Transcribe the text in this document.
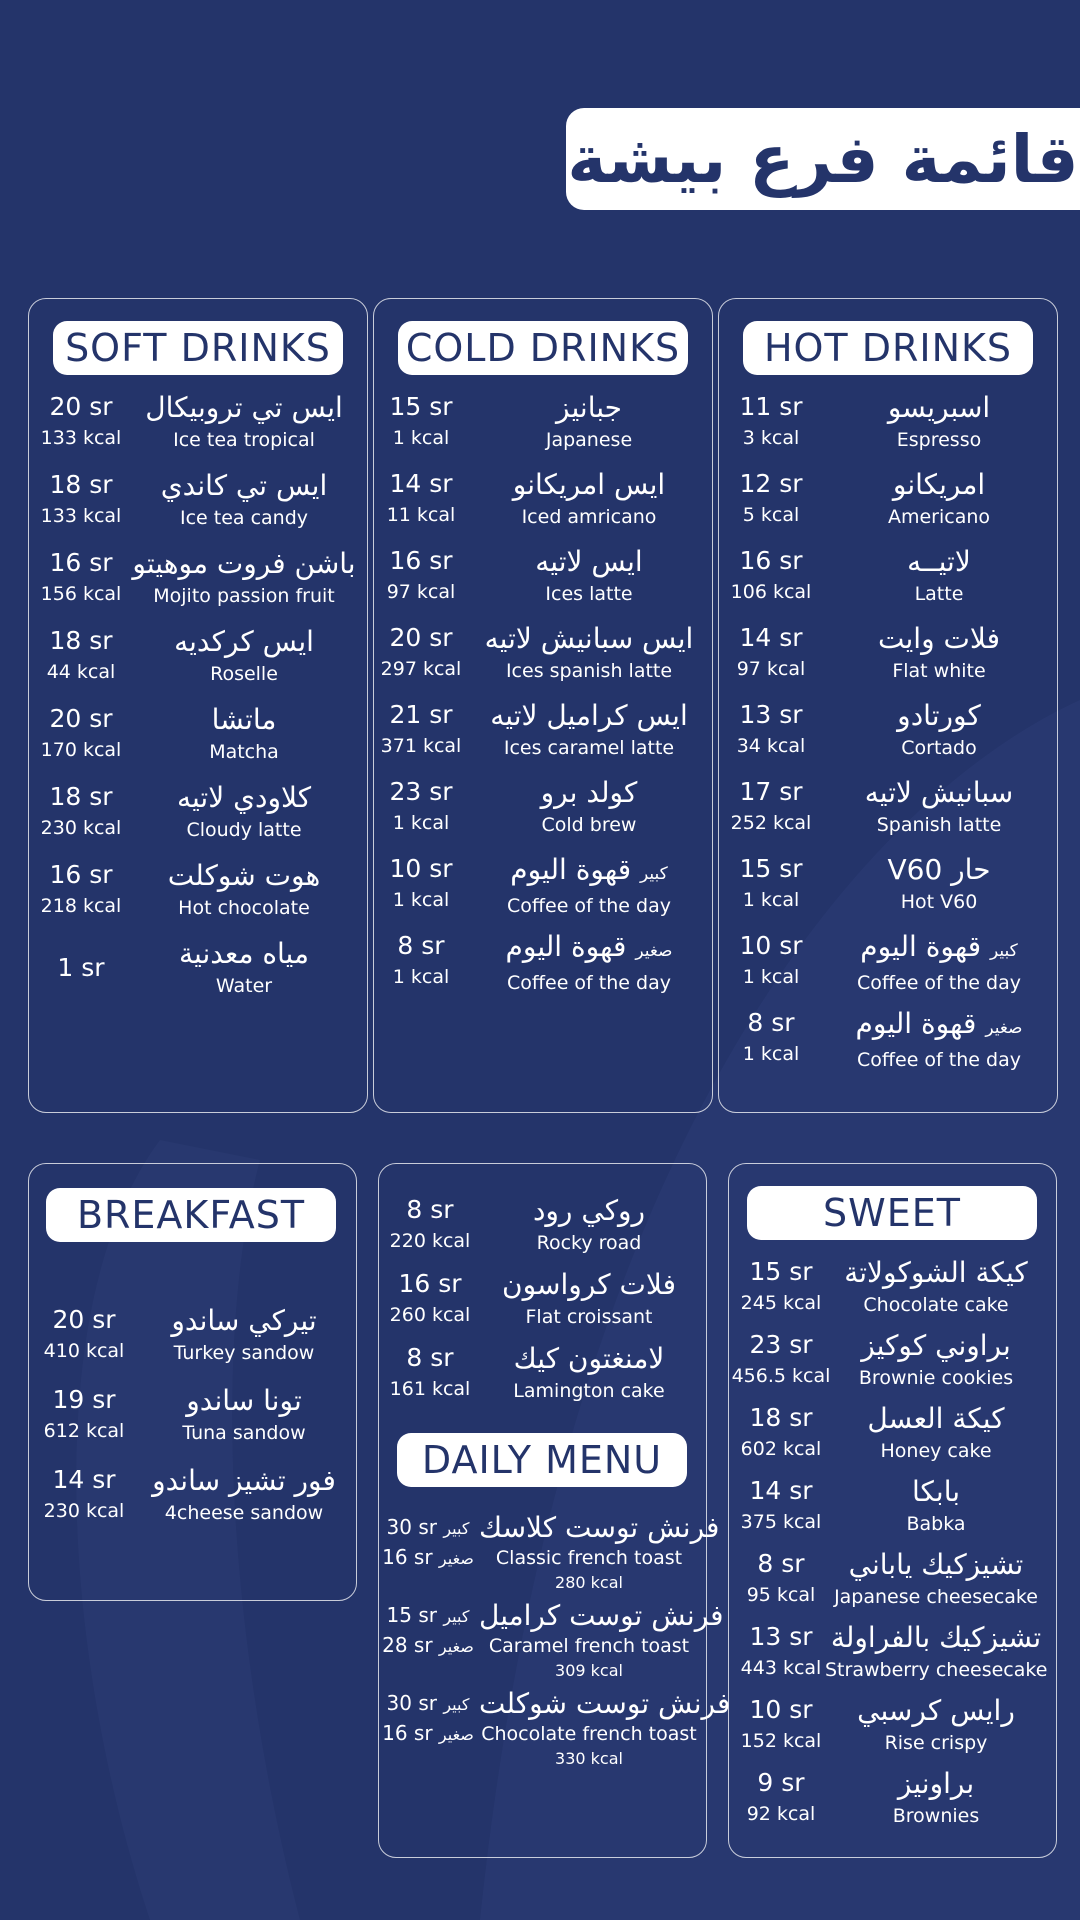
قائمة فرع بيشة
SOFT DRINKS
20 sr
133 kcal
ايس تي تروبيكال
Ice tea tropical
18 sr
133 kcal
ايس تي كاندي
Ice tea candy
16 sr
156 kcal
باشن فروت موهيتو
Mojito passion fruit
18 sr
44 kcal
ايس كركديه
Roselle
20 sr
170 kcal
ماتشا
Matcha
18 sr
230 kcal
كلاودي لاتيه
Cloudy latte
16 sr
218 kcal
هوت شوكلت
Hot chocolate
1 sr	مياه معدنية
Water
COLD DRINKS
15 sr
1 kcal
جبانيز
Japanese
14 sr
11 kcal
ايس امريكانو
Iced amricano
16 sr
97 kcal
ايس لاتيه
Ices latte
20 sr
297 kcal
ايس سبانيش لاتيه
Ices spanish latte
21 sr
371 kcal
ايس كراميل لاتيه
Ices caramel latte
23 sr
1 kcal
كولد برو
Cold brew
10 sr
1 kcal
كبير قهوة اليوم
Coffee of the day
8 sr
1 kcal
صغير قهوة اليوم
Coffee of the day
HOT DRINKS
11 sr
3 kcal
اسبريسو
Espresso
12 sr
5 kcal
امريكانو
Americano
16 sr
106 kcal
لاتيــه
Latte
14 sr
97 kcal
فلات وايت
Flat white
13 sr
34 kcal
كورتادو
Cortado
17 sr
252 kcal
سبانيش لاتيه
Spanish latte
15 sr
1 kcal
V60 حار
Hot V60
10 sr
1 kcal
كبير قهوة اليوم
Coffee of the day
8 sr
1 kcal
صغير قهوة اليوم
Coffee of the day
BREAKFAST
20 sr
410 kcal
تيركي ساندو
Turkey sandow
19 sr
612 kcal
تونا ساندو
Tuna sandow
14 sr
230 kcal
فور تشيز ساندو
4cheese sandow
8 sr
220 kcal
روكي رود
Rocky road
16 sr
260 kcal
فلات كرواسون
Flat croissant
8 sr
161 kcal
لامنغتون كيك
Lamington cake
DAILY MENU
30 sr كبير
16 sr صغير
فرنش توست كلاسك
Classic french toast
280 kcal
15 sr كبير
28 sr صغير
فرنش توست كراميل
Caramel french toast
309 kcal
30 sr كبير
16 sr صغير
فرنش توست شوكلت
Chocolate french toast
330 kcal
SWEET
15 sr
245 kcal
كيكة الشوكولاتة
Chocolate cake
23 sr
456.5 kcal
براوني كوكيز
Brownie cookies
18 sr
602 kcal
كيكة العسل
Honey cake
14 sr
375 kcal
بابكا
Babka
8 sr
95 kcal
تشيزكيك ياباني
Japanese cheesecake
13 sr
443 kcal
تشيزكيك بالفراولة
Strawberry cheesecake
10 sr
152 kcal
رايس كرسبي
Rise crispy
9 sr
92 kcal
براونيز
Brownies
